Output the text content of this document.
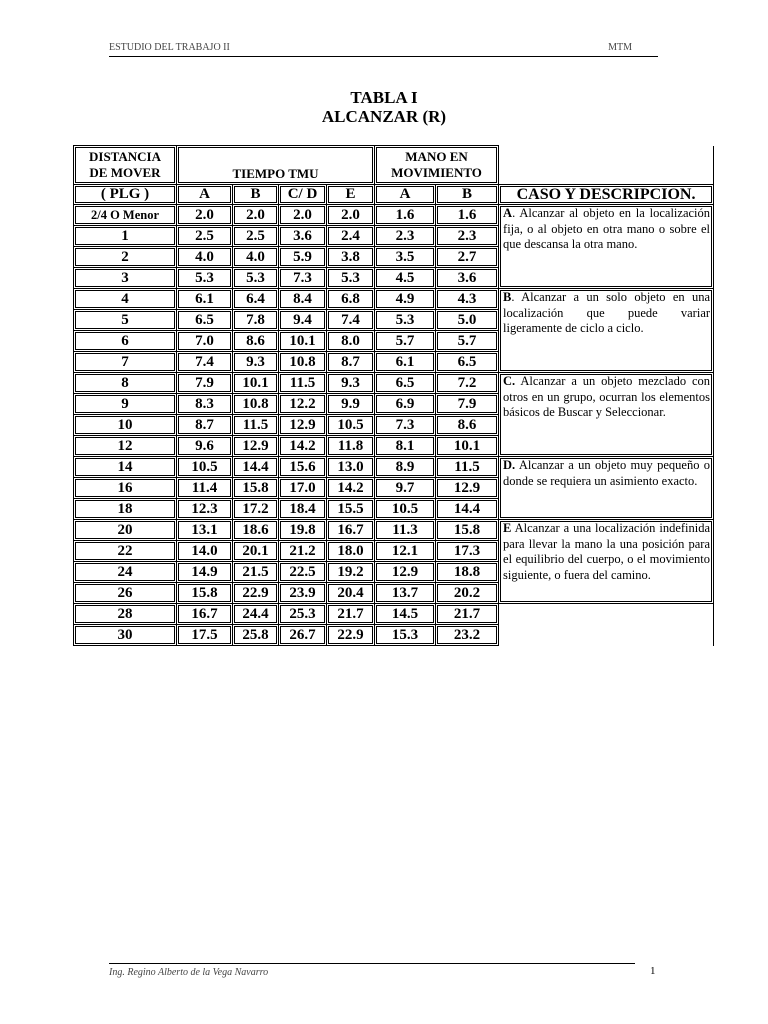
ESTUDIO DEL TRABAJO II	MTM
TABLA I
ALCANZAR (R)
DISTANCIA
DE MOVER	TIEMPO TMU				MANO EN
MOVIMIENTO		
( PLG )	A	B	C/ D	E	A	B	CASO Y DESCRIPCION.
2/4 O Menor	2.0	2.0	2.0	2.0	1.6	1.6	A. Alcanzar al objeto en la localización fija, o al objeto en otra mano o sobre el que descansa la otra mano.
1	2.5	2.5	3.6	2.4	2.3	2.3	
2	4.0	4.0	5.9	3.8	3.5	2.7	
3	5.3	5.3	7.3	5.3	4.5	3.6	
4	6.1	6.4	8.4	6.8	4.9	4.3	B. Alcanzar a un solo objeto en una localización que puede variar ligeramente de ciclo a ciclo.
5	6.5	7.8	9.4	7.4	5.3	5.0	
6	7.0	8.6	10.1	8.0	5.7	5.7	
7	7.4	9.3	10.8	8.7	6.1	6.5	
8	7.9	10.1	11.5	9.3	6.5	7.2	C. Alcanzar a un objeto mezclado con otros en un grupo, ocurran los elementos básicos de Buscar y Seleccionar.
9	8.3	10.8	12.2	9.9	6.9	7.9	
10	8.7	11.5	12.9	10.5	7.3	8.6	
12	9.6	12.9	14.2	11.8	8.1	10.1	
14	10.5	14.4	15.6	13.0	8.9	11.5	D. Alcanzar a un objeto muy pequeño o donde se requiera un asimiento exacto.
16	11.4	15.8	17.0	14.2	9.7	12.9	
18	12.3	17.2	18.4	15.5	10.5	14.4	
20	13.1	18.6	19.8	16.7	11.3	15.8	E Alcanzar a una localización indefinida para llevar la mano la una posición para el equilibrio del cuerpo, o el movimiento siguiente, o fuera del camino.
22	14.0	20.1	21.2	18.0	12.1	17.3	
24	14.9	21.5	22.5	19.2	12.9	18.8	
26	15.8	22.9	23.9	20.4	13.7	20.2	
28	16.7	24.4	25.3	21.7	14.5	21.7	
30	17.5	25.8	26.7	22.9	15.3	23.2	
Ing. Regino Alberto de la Vega Navarro	1
